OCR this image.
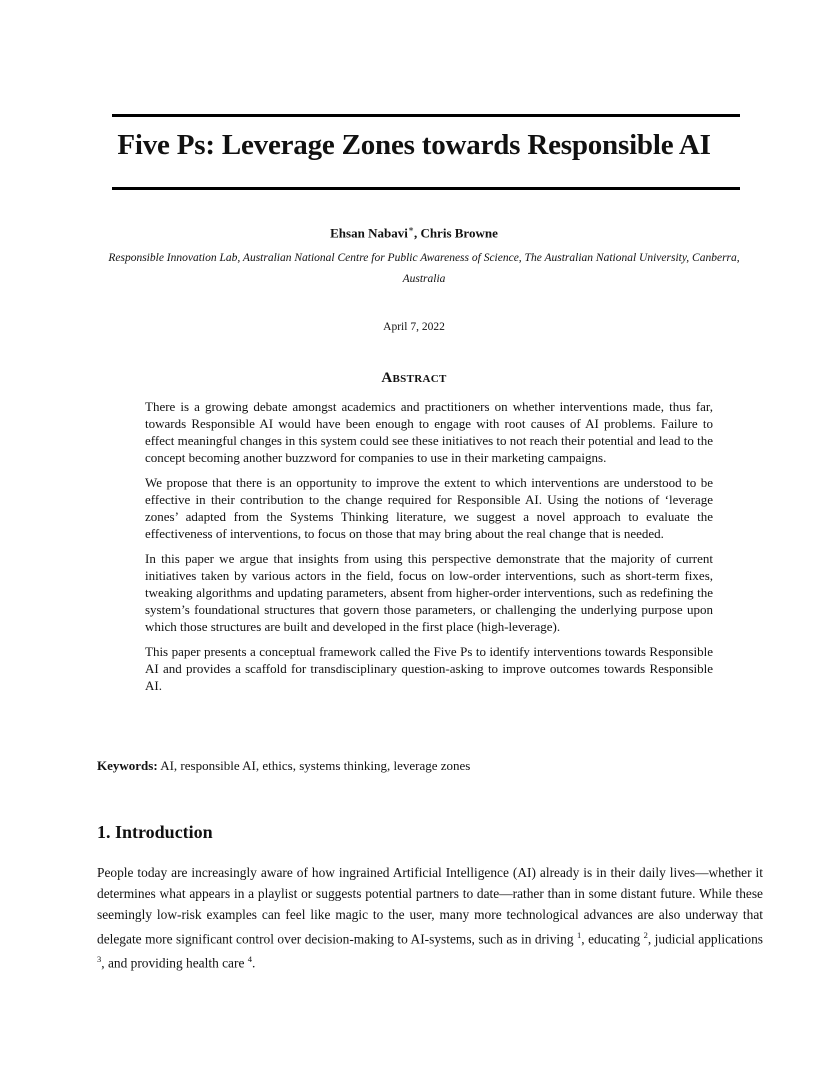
Five Ps: Leverage Zones towards Responsible AI
Ehsan Nabavi∗, Chris Browne
Responsible Innovation Lab, Australian National Centre for Public Awareness of Science, The Australian National University, Canberra, Australia
April 7, 2022
Abstract

There is a growing debate amongst academics and practitioners on whether interventions made, thus far, towards Responsible AI would have been enough to engage with root causes of AI problems. Failure to effect meaningful changes in this system could see these initiatives to not reach their potential and lead to the concept becoming another buzzword for companies to use in their marketing campaigns.

We propose that there is an opportunity to improve the extent to which interventions are understood to be effective in their contribution to the change required for Responsible AI. Using the notions of ‘leverage zones’ adapted from the Systems Thinking literature, we suggest a novel approach to evaluate the effectiveness of interventions, to focus on those that may bring about the real change that is needed.

In this paper we argue that insights from using this perspective demonstrate that the majority of current initiatives taken by various actors in the field, focus on low-order interventions, such as short-term fixes, tweaking algorithms and updating parameters, absent from higher-order interventions, such as redefining the system’s foundational structures that govern those parameters, or challenging the underlying purpose upon which those structures are built and developed in the first place (high-leverage).

This paper presents a conceptual framework called the Five Ps to identify interventions towards Responsible AI and provides a scaffold for transdisciplinary question-asking to improve outcomes towards Responsible AI.

Keywords: AI, responsible AI, ethics, systems thinking, leverage zones
1. Introduction

People today are increasingly aware of how ingrained Artificial Intelligence (AI) already is in their daily lives—whether it determines what appears in a playlist or suggests potential partners to date—rather than in some distant future. While these seemingly low-risk examples can feel like magic to the user, many more technological advances are also underway that delegate more significant control over decision-making to AI-systems, such as in driving $^1$, educating $^2$, judicial applications $^3$, and providing health care $^4$.
